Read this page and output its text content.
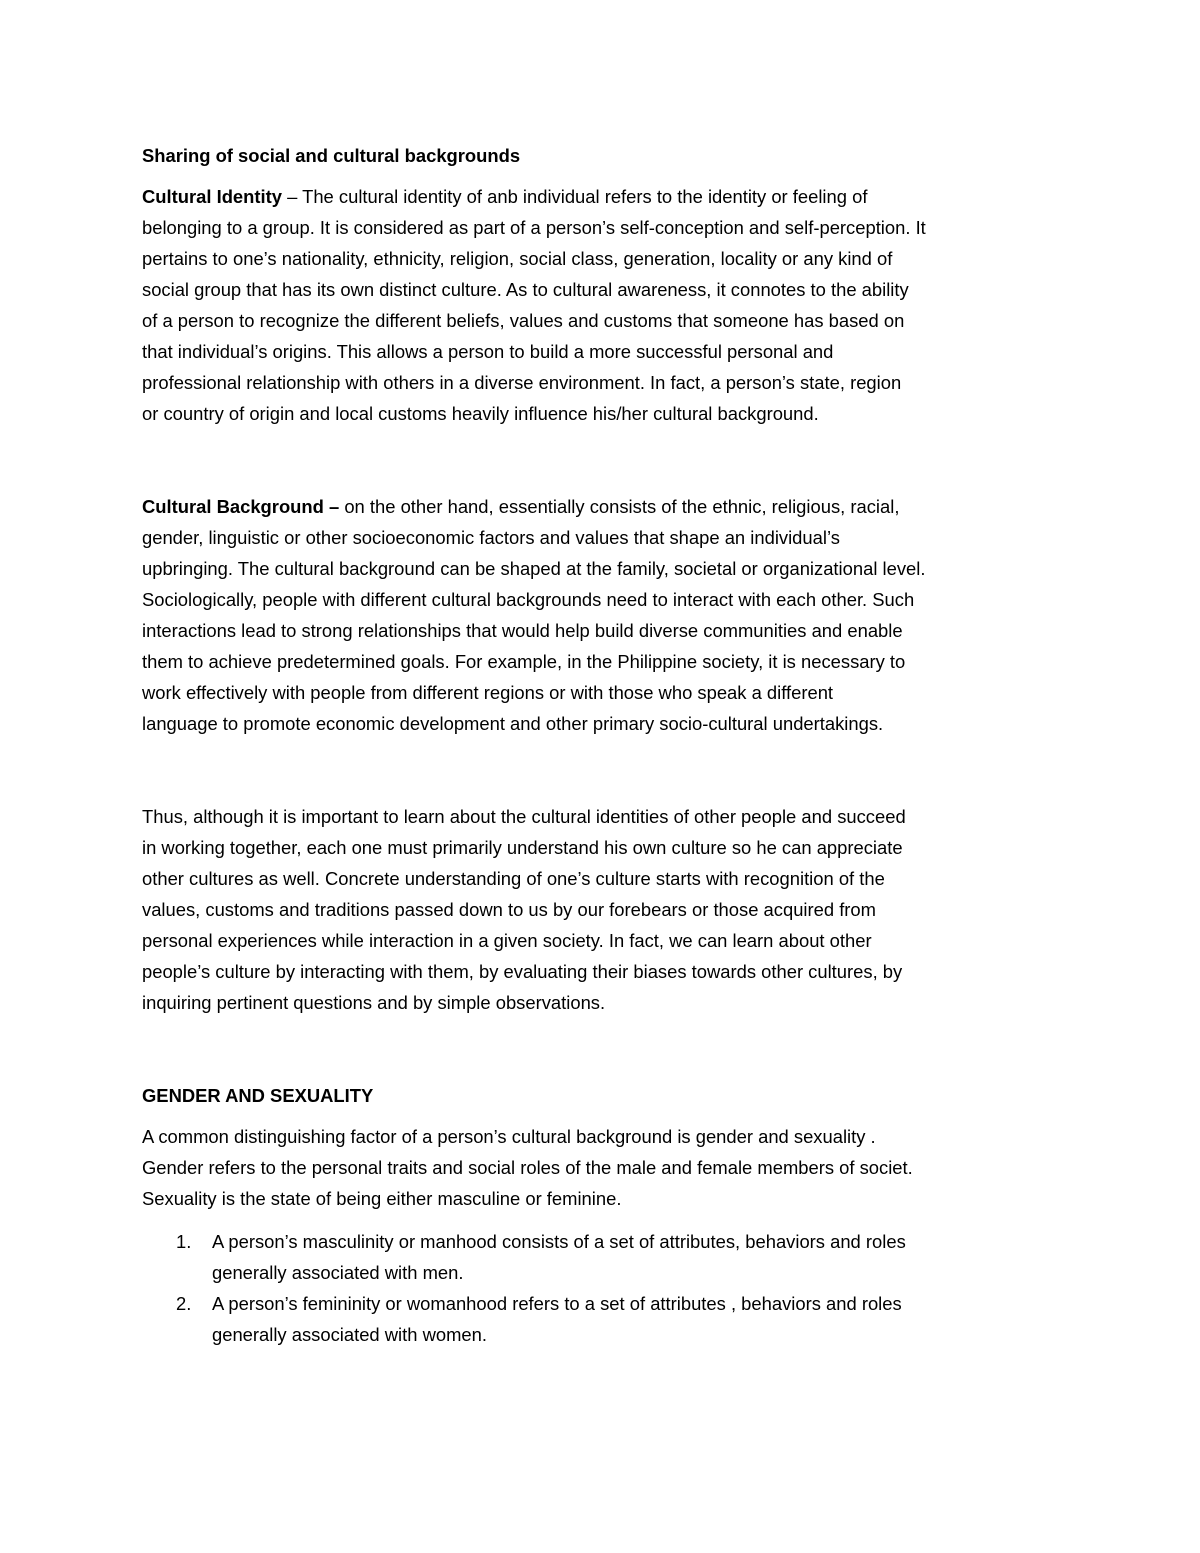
Sharing of social and cultural backgrounds

Cultural Identity – The cultural identity of anb individual refers to the identity or feeling of
belonging to a group. It is considered as part of a person’s self-conception and self-perception. It
pertains to one’s nationality, ethnicity, religion, social class, generation, locality or any kind of
social group that has its own distinct culture. As to cultural awareness, it connotes to the ability
of a person to recognize the different beliefs, values and customs that someone has based on
that individual’s origins. This allows a person to build a more successful personal and
professional relationship with others in a diverse environment. In fact, a person’s state, region
or country of origin and local customs heavily influence his/her cultural background.

Cultural Background – on the other hand, essentially consists of the ethnic, religious, racial,
gender, linguistic or other socioeconomic factors and values that shape an individual’s
upbringing. The cultural background can be shaped at the family, societal or organizational level.
Sociologically, people with different cultural backgrounds need to interact with each other. Such
interactions lead to strong relationships that would help build diverse communities and enable
them to achieve predetermined goals. For example, in the Philippine society, it is necessary to
work effectively with people from different regions or with those who speak a different
language to promote economic development and other primary socio-cultural undertakings.

Thus, although it is important to learn about the cultural identities of other people and succeed
in working together, each one must primarily understand his own culture so he can appreciate
other cultures as well. Concrete understanding of one’s culture starts with recognition of the
values, customs and traditions passed down to us by our forebears or those acquired from
personal experiences while interaction in a given society. In fact, we can learn about other
people’s culture by interacting with them, by evaluating their biases towards other cultures, by
inquiring pertinent questions and by simple observations.

GENDER AND SEXUALITY

A common distinguishing factor of a person’s cultural background is gender and sexuality .
Gender refers to the personal traits and social roles of the male and female members of societ.
Sexuality is the state of being either masculine or feminine.

1. A person’s masculinity or manhood consists of a set of attributes, behaviors and roles
generally associated with men.
2. A person’s femininity or womanhood refers to a set of attributes , behaviors and roles
generally associated with women.
